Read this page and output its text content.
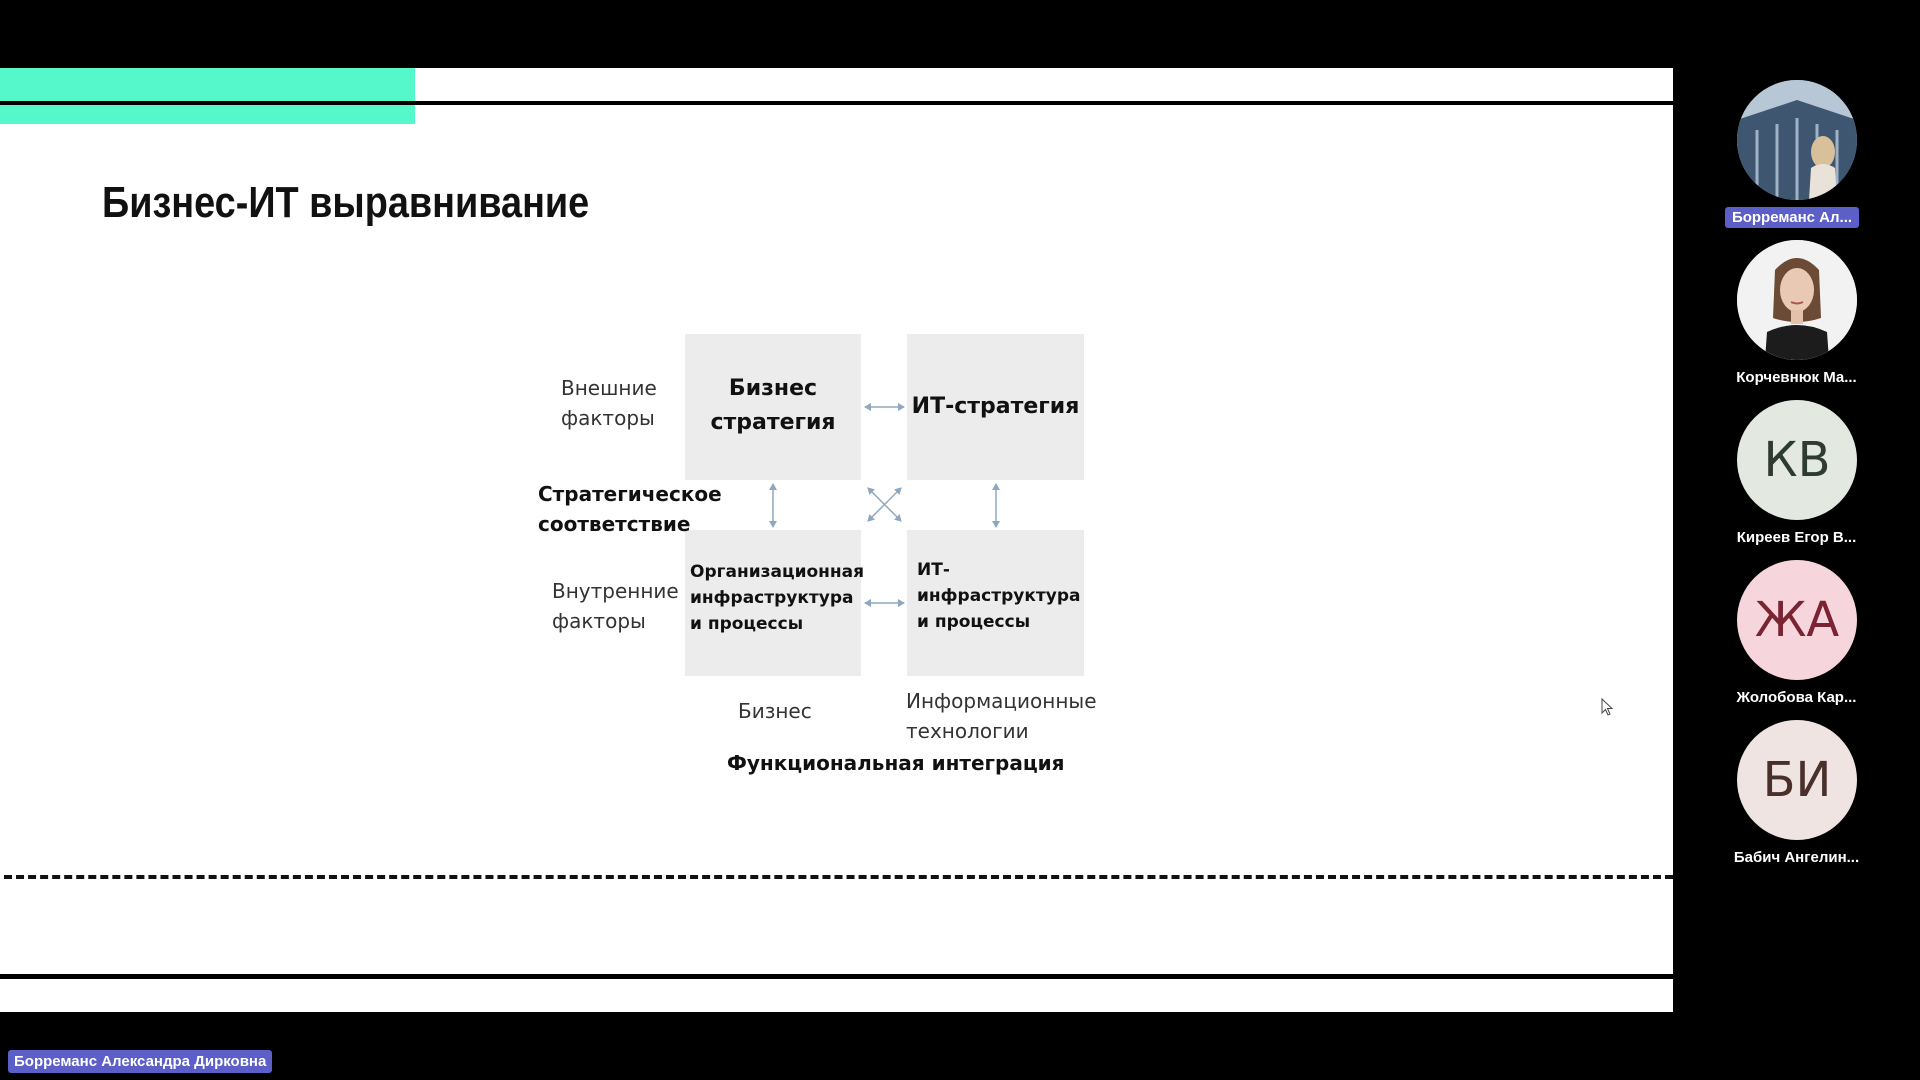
Бизнес-ИТ выравнивание
Бизнес
стратегия
ИТ-стратегия
Организационная
инфраструктура
и процессы
ИТ-
инфраструктура
и процессы
Внешние
факторы
Стратегическое
соответствие
Внутренние
факторы
Бизнес	Информационные
технологии
Функциональная интеграция
Борреманс Ал...
Корчевнюк Ма...
КВ
Киреев Егор В...
ЖА
Жолобова Кар...
БИ
Бабич Ангелин...
Борреманс Александра Дирковна
